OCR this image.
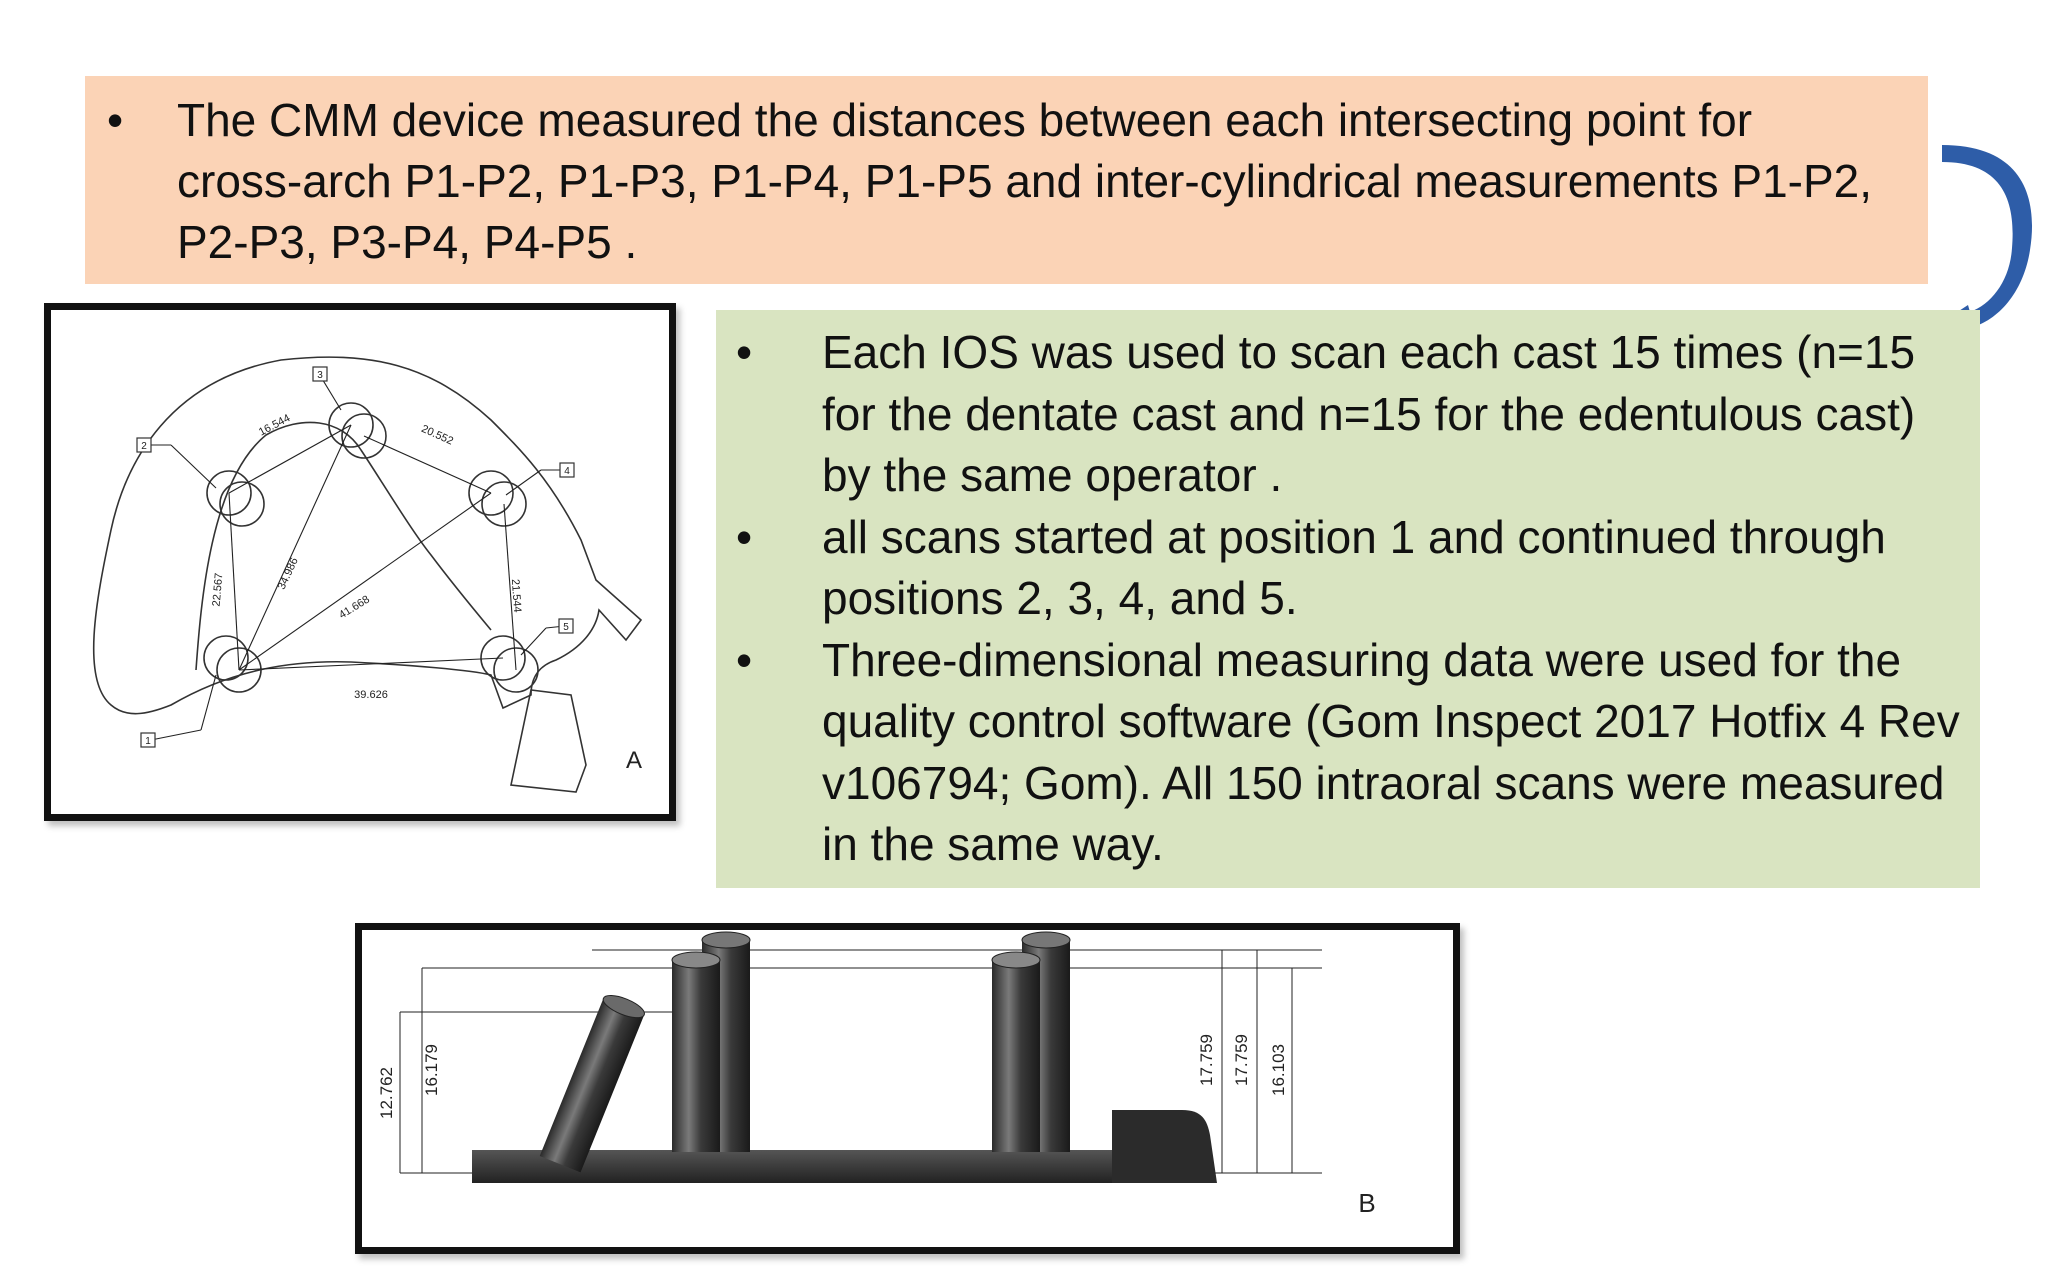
• The CMM device measured the distances between each intersecting point for cross-arch P1-P2, P1-P3, P1-P4, P1-P5 and inter-cylindrical measurements P1-P2, P2-P3, P3-P4, P4-P5 .
1
2
3
4
5
16.544	20.552
22.567	34.986
41.668	21.544
39.626
A
• Each IOS was used to scan each cast 15 times (n=15 for the dentate cast and n=15 for the edentulous cast) by the same operator .
• all scans started at position 1 and continued through positions 2, 3, 4, and 5.
• Three-dimensional measuring data were used for the quality control software (Gom Inspect 2017 Hotfix 4 Rev v106794; Gom). All 150 intraoral scans were measured in the same way.
12.762 16.179	17.759 17.759 16.103
B
